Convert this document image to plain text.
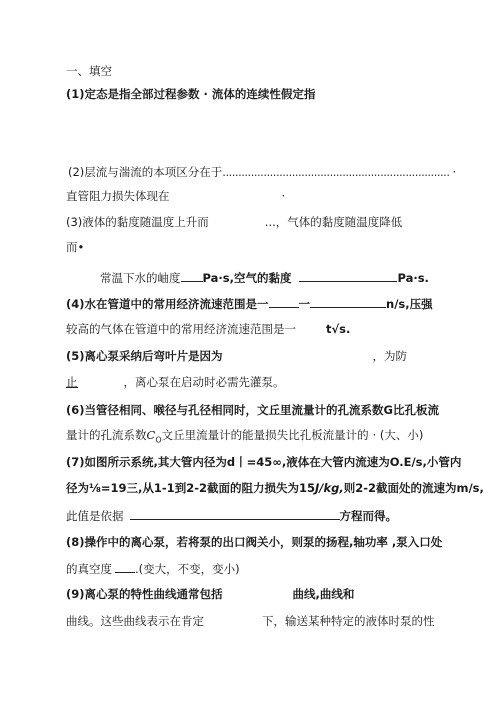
一、填空
(1)定态是指全部过程参数 · 流体的连续性假定指
(2)层流与湍流的本项区分在于........................................................................ ·
直管阻力损失体现在	·
(3)液体的黏度随温度上升而	...，气体的黏度随温度降低
而•
常温下水的岫度 Pa·s,空气的黏度	Pa·s.
(4)水在管道中的常用经济流速范围是一	一	n/s,压强
较高的气体在管道中的常用经济流速范围是一	t√s.
(5)离心泵采纳后弯叶片是因为	，为防
止	，离心泵在启动时必需先灌泵。
(6)当管径相同、喉径与孔径相同时，文丘里流量计的孔流系数G比孔板流
量计的孔流系数$C_O$文丘里流量计的能量损失比孔板流量计的 · (大、小)
(7)如图所示系统,其大管内径为d丨=45∞,液体在大管内流速为O.E/s,小管内
径为⅛=19三,从1-1到2-2截面的阻力损失为15J/kg,则2-2截面处的流速为m/s,
此值是依据	方程而得。
(8)操作中的离心泵，若将泵的出口阀关小，则泵的扬程,轴功率 ,泵入口处
的真空度 .(变大，不变，变小)
(9)离心泵的特性曲线通常包括	曲线,曲线和
曲线。这些曲线表示在肯定	下，输送某种特定的液体时泵的性
